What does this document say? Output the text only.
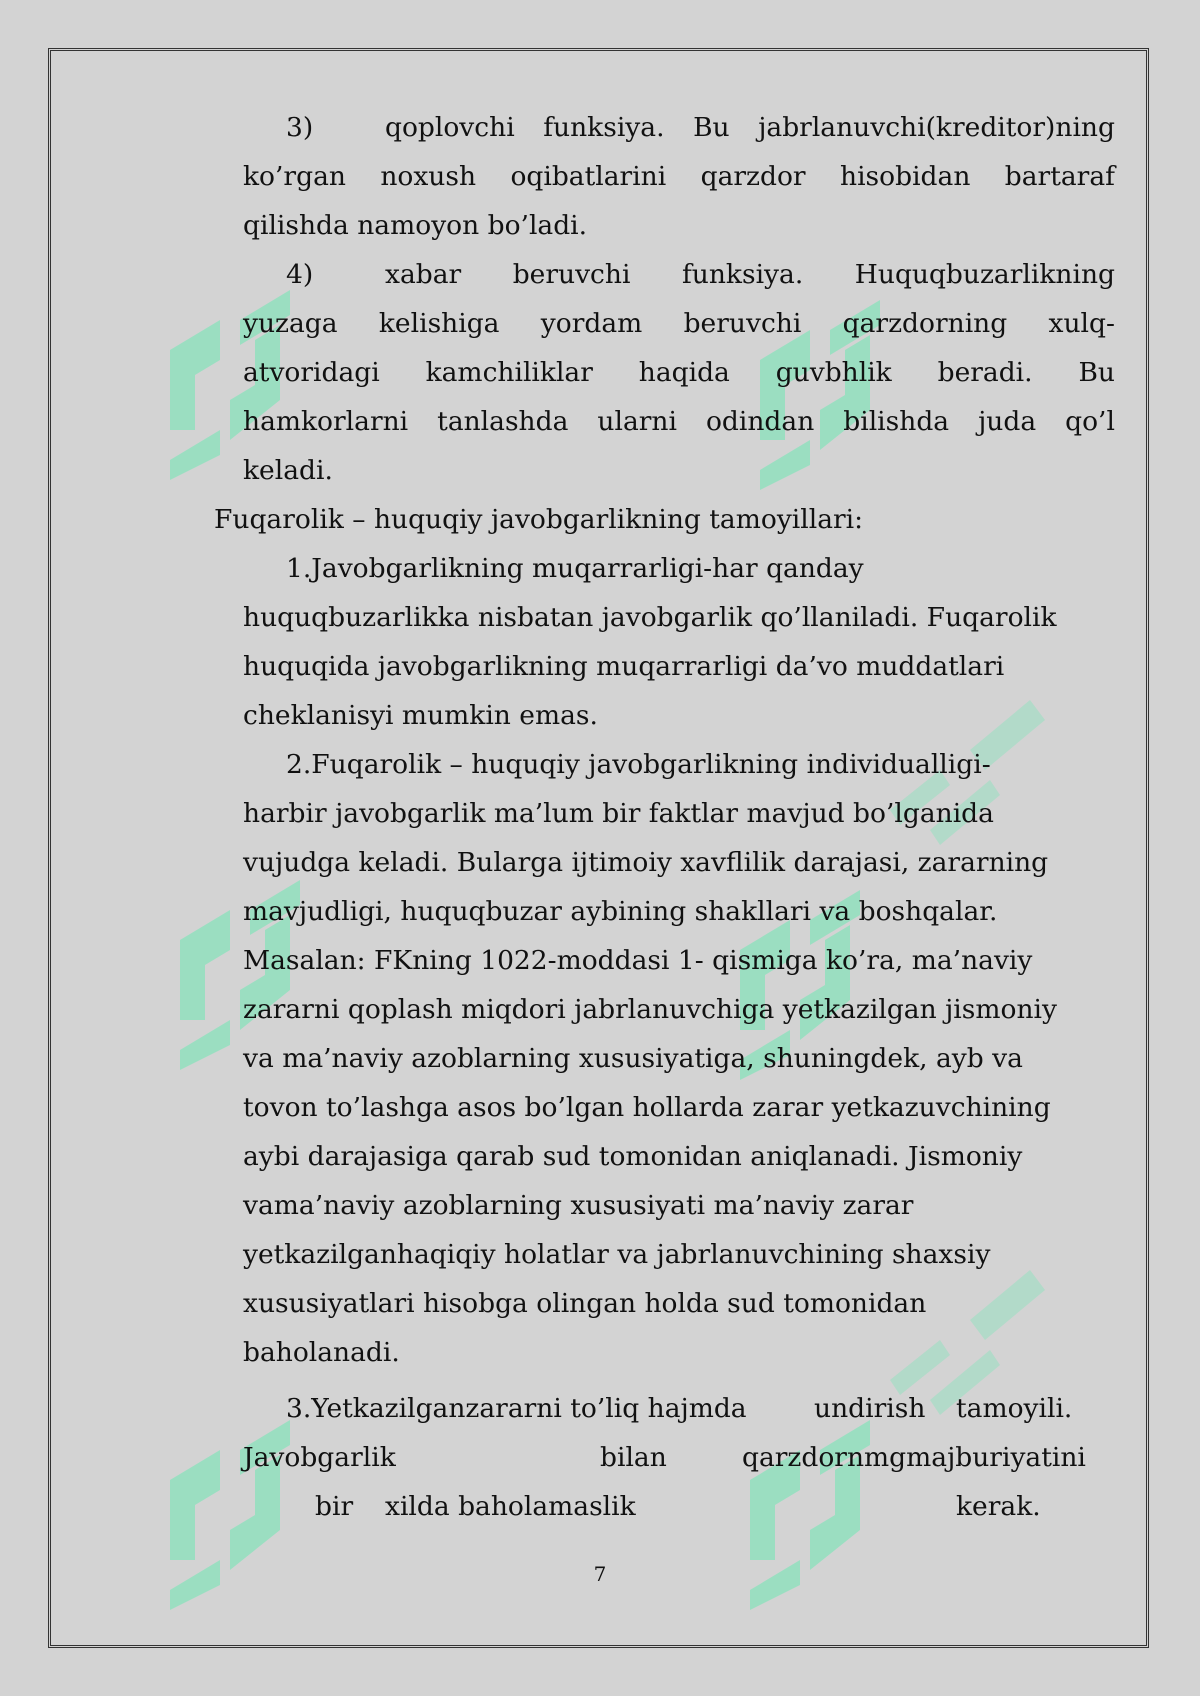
3)	qoplovchi funksiya. Bu jabrlanuvchi(kreditor)ning
ko’rgan noxush oqibatlarini qarzdor hisobidan bartaraf
qilishda namoyon bo’ladi.
4)	xabar beruvchi funksiya. Huquqbuzarlikning
yuzaga kelishiga yordam beruvchi qarzdorning xulq-
atvoridagi kamchiliklar haqida guvbhlik beradi. Bu
hamkorlarni tanlashda ularni odindan bilishda juda qo’l
keladi.
Fuqarolik – huquqiy javobgarlikning tamoyillari:
1.Javobgarlikning muqarrarligi-har qanday
huquqbuzarlikka nisbatan javobgarlik qo’llaniladi. Fuqarolik
huquqida javobgarlikning muqarrarligi da’vo muddatlari
cheklanisyi mumkin emas.
2.Fuqarolik – huquqiy javobgarlikning individualligi-
harbir javobgarlik ma’lum bir faktlar mavjud bo’lganida
vujudga keladi. Bularga ijtimoiy xavflilik darajasi, zararning
mavjudligi, huquqbuzar aybining shakllari va boshqalar.
Masalan: FKning 1022-moddasi 1- qismiga ko’ra, ma’naviy
zararni qoplash miqdori jabrlanuvchiga yetkazilgan jismoniy
va ma’naviy azoblarning xususiyatiga, shuningdek, ayb va
tovon to’lashga asos bo’lgan hollarda zarar yetkazuvchining
aybi darajasiga qarab sud tomonidan aniqlanadi. Jismoniy
vama’naviy azoblarning xususiyati ma’naviy zarar
yetkazilganhaqiqiy holatlar va jabrlanuvchining shaxsiy
xususiyatlari hisobga olingan holda sud tomonidan
baholanadi.
3.Yetkazilganzararni to’liq hajmda	undirish tamoyili.
Javobgarlik	bilan	qarzdornmgmajburiyatini
bir xilda baholamaslik	kerak.
7
